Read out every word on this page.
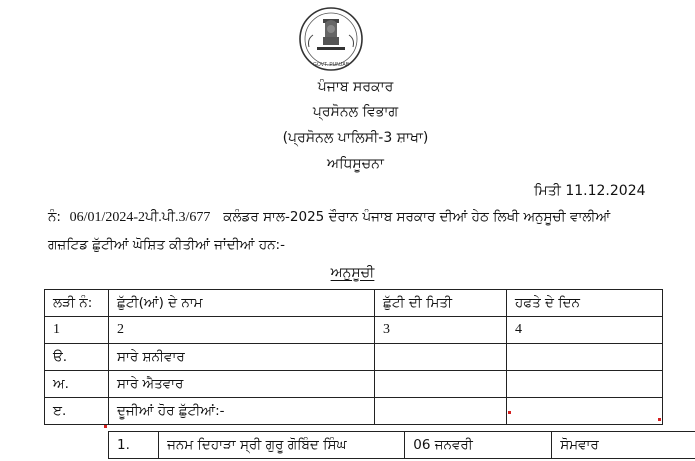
GOVT. PUNJAB
ਪੰਜਾਬ ਸਰਕਾਰ
ਪ੍ਰਸੋਨਲ ਵਿਭਾਗ
(ਪ੍ਰਸੋਨਲ ਪਾਲਿਸੀ-3 ਸ਼ਾਖਾ)
ਅਧਿਸੂਚਨਾ
ਮਿਤੀ 11.12.2024
ਨੰ: 06/01/2024-2ਪੀ.ਪੀ.3/677 ਕਲੰਡਰ ਸਾਲ-2025 ਦੌਰਾਨ ਪੰਜਾਬ ਸਰਕਾਰ ਦੀਆਂ ਹੇਠ ਲਿਖੀ ਅਨੁਸੂਚੀ ਵਾਲੀਆਂ
ਗਜ਼ਟਿਡ ਛੁੱਟੀਆਂ ਘੋਸ਼ਿਤ ਕੀਤੀਆਂ ਜਾਂਦੀਆਂ ਹਨ:-
ਅਨੁਸੂਚੀ
ਲੜੀ ਨੰ:	ਛੁੱਟੀ(ਆਂ) ਦੇ ਨਾਮ	ਛੁੱਟੀ ਦੀ ਮਿਤੀ	ਹਫਤੇ ਦੇ ਦਿਨ
1	2	3	4
ੳ.	ਸਾਰੇ ਸ਼ਨੀਵਾਰ		
ਅ.	ਸਾਰੇ ਐਤਵਾਰ		
ੲ.	ਦੂਜੀਆਂ ਹੋਰ ਛੁੱਟੀਆਂ:-		
1.	ਜਨਮ ਦਿਹਾੜਾ ਸ੍ਰੀ ਗੁਰੂ ਗੋਬਿੰਦ ਸਿੰਘ	06 ਜਨਵਰੀ	ਸੋਮਵਾਰ
